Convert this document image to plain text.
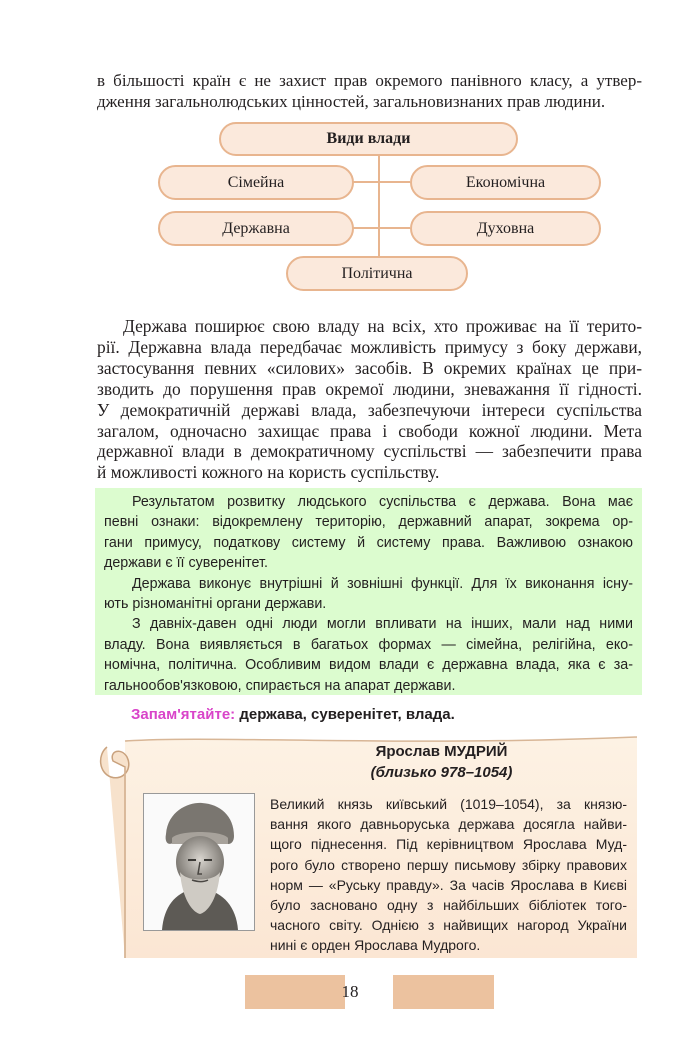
в більшості країн є не захист прав окремого панівного класу, а утвер-
дження загальнолюдських цінностей, загальновизнаних прав людини.
Види влади
Сімейна	Економічна
Державна	Духовна
Політична
Держава поширює свою владу на всіх, хто проживає на її терито-
рії. Державна влада передбачає можливість примусу з боку держави,
застосування певних «силових» засобів. В окремих країнах це при-
зводить до порушення прав окремої людини, зневажання її гідності.
У демократичній державі влада, забезпечуючи інтереси суспільства
загалом, одночасно захищає права і свободи кожної людини. Мета
державної влади в демократичному суспільстві — забезпечити права
й можливості кожного на користь суспільству.
Результатом розвитку людського суспільства є держава. Вона має
певні ознаки: відокремлену територію, державний апарат, зокрема ор-
гани примусу, податкову систему й систему права. Важливою ознакою
держави є її суверенітет.
Держава виконує внутрішні й зовнішні функції. Для їх виконання існу-
ють різноманітні органи держави.
З давніх-давен одні люди могли впливати на інших, мали над ними
владу. Вона виявляється в багатьох формах — сімейна, релігійна, еко-
номічна, політична. Особливим видом влади є державна влада, яка є за-
гальнообов'язковою, спирається на апарат держави.
Запам'ятайте: держава, суверенітет, влада.
Ярослав МУДРИЙ
(близько 978–1054)
Великий князь київський (1019–1054), за князю-
вання якого давньоруська держава досягла найви-
щого піднесення. Під керівництвом Ярослава Муд-
рого було створено першу письмову збірку правових
норм — «Руську правду». За часів Ярослава в Києві
було засновано одну з найбільших бібліотек того-
часного світу. Однією з найвищих нагород України
нині є орден Ярослава Мудрого.
18
